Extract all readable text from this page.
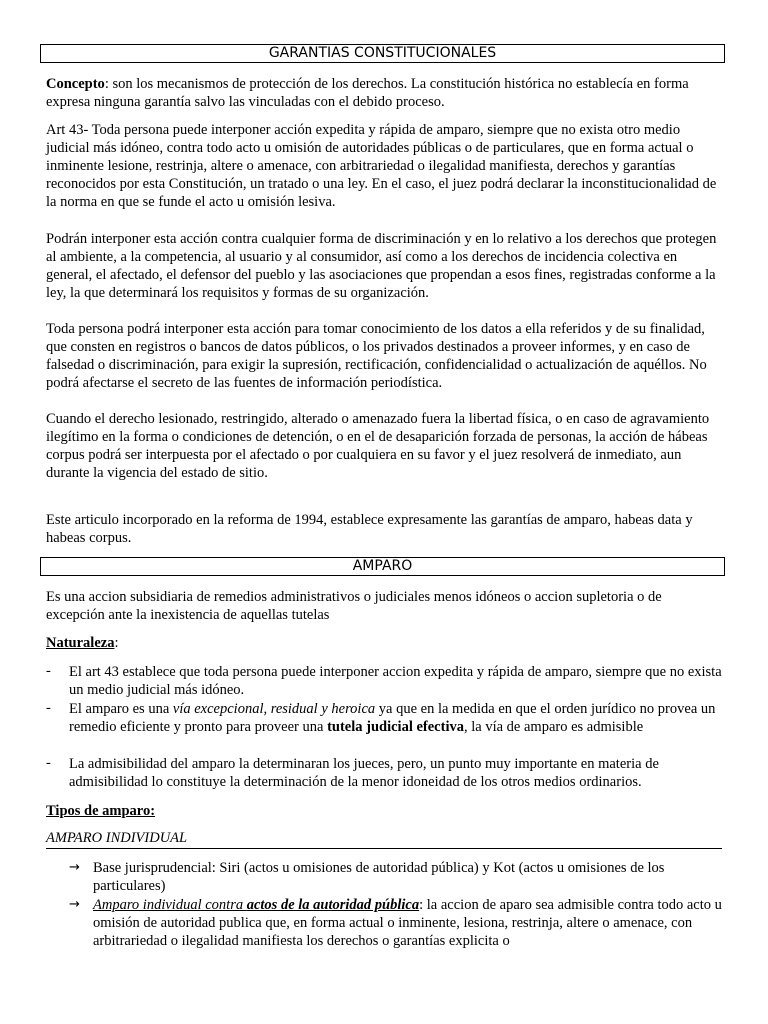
GARANTIAS CONSTITUCIONALES

Concepto: son los mecanismos de protección de los derechos. La constitución histórica no establecía en forma expresa ninguna garantía salvo las vinculadas con el debido proceso.

Art 43- Toda persona puede interponer acción expedita y rápida de amparo, siempre que no exista otro medio judicial más idóneo, contra todo acto u omisión de autoridades públicas o de particulares, que en forma actual o inminente lesione, restrinja, altere o amenace, con arbitrariedad o ilegalidad manifiesta, derechos y garantías reconocidos por esta Constitución, un tratado o una ley. En el caso, el juez podrá declarar la inconstitucionalidad de la norma en que se funde el acto u omisión lesiva.

Podrán interponer esta acción contra cualquier forma de discriminación y en lo relativo a los derechos que protegen al ambiente, a la competencia, al usuario y al consumidor, así como a los derechos de incidencia colectiva en general, el afectado, el defensor del pueblo y las asociaciones que propendan a esos fines, registradas conforme a la ley, la que determinará los requisitos y formas de su organización.

Toda persona podrá interponer esta acción para tomar conocimiento de los datos a ella referidos y de su finalidad, que consten en registros o bancos de datos públicos, o los privados destinados a proveer informes, y en caso de falsedad o discriminación, para exigir la supresión, rectificación, confidencialidad o actualización de aquéllos. No podrá afectarse el secreto de las fuentes de información periodística.

Cuando el derecho lesionado, restringido, alterado o amenazado fuera la libertad física, o en caso de agravamiento ilegítimo en la forma o condiciones de detención, o en el de desaparición forzada de personas, la acción de hábeas corpus podrá ser interpuesta por el afectado o por cualquiera en su favor y el juez resolverá de inmediato, aun durante la vigencia del estado de sitio.

Este articulo incorporado en la reforma de 1994, establece expresamente las garantías de amparo, habeas data y habeas corpus.

AMPARO

Es una accion subsidiaria de remedios administrativos o judiciales menos idóneos o accion supletoria o de excepción ante la inexistencia de aquellas tutelas

Naturaleza:

-	El art 43 establece que toda persona puede interponer accion expedita y rápida de amparo, siempre que no exista un medio judicial más idóneo.

-	El amparo es una vía excepcional, residual y heroica ya que en la medida en que el orden jurídico no provea un remedio eficiente y pronto para proveer una tutela judicial efectiva, la vía de amparo es admisible

-	La admisibilidad del amparo la determinaran los jueces, pero, un punto muy importante en materia de admisibilidad lo constituye la determinación de la menor idoneidad de los otros medios ordinarios.

Tipos de amparo:

AMPARO INDIVIDUAL

→ Base jurisprudencial: Siri (actos u omisiones de autoridad pública) y Kot (actos u omisiones de los particulares)

→ Amparo individual contra actos de la autoridad pública: la accion de aparo sea admisible contra todo acto u omisión de autoridad publica que, en forma actual o inminente, lesiona, restrinja, altere o amenace, con arbitrariedad o ilegalidad manifiesta los derechos o garantías explicita o
